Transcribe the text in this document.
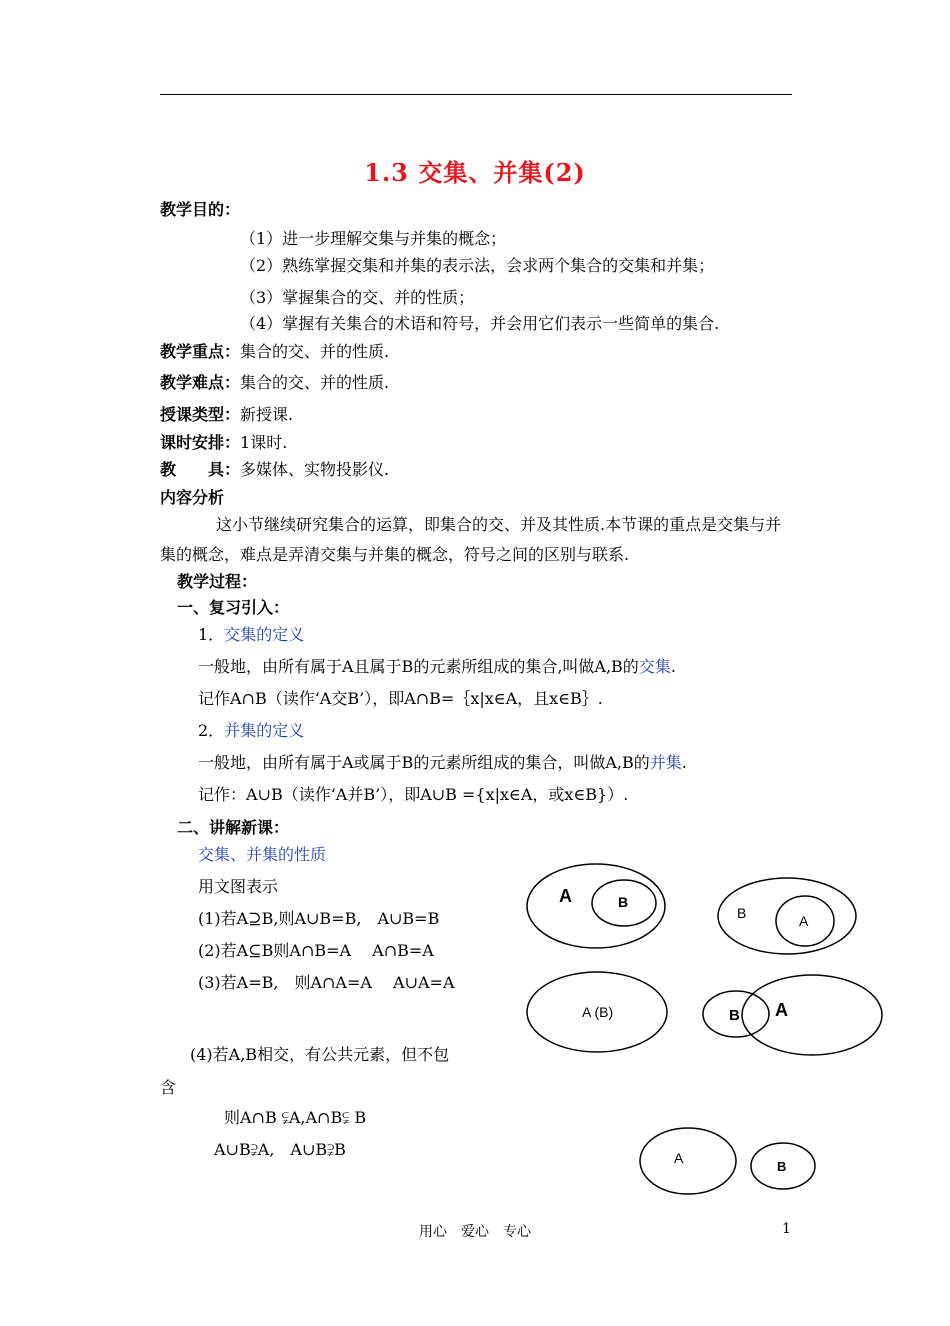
1.3 交集、并集(2)
教学目的：
（1）进一步理解交集与并集的概念；
（2）熟练掌握交集和并集的表示法，会求两个集合的交集和并集；
（3）掌握集合的交、并的性质；
（4）掌握有关集合的术语和符号，并会用它们表示一些简单的集合.
教学重点：集合的交、并的性质.
教学难点：集合的交、并的性质.
授课类型：新授课.
课时安排：1课时.
教　　具：多媒体、实物投影仪.
内容分析
这小节继续研究集合的运算，即集合的交、并及其性质.本节课的重点是交集与并集的概念，难点是弄清交集与并集的概念，符号之间的区别与联系.
教学过程：
一、复习引入：
1．交集的定义
一般地，由所有属于A且属于B的元素所组成的集合,叫做A,B的交集.
记作A∩B（读作‘A交B’），即A∩B=｛x|x∈A，且x∈B｝.
2．并集的定义
一般地，由所有属于A或属于B的元素所组成的集合，叫做A,B的并集.
记作：A∪B（读作‘A并B’），即A∪B ={x|x∈A，或x∈B}）.
二、讲解新课：
交集、并集的性质
用文图表示
(1)若A⊇B,则A∪B=B,　A∪B=B
(2)若A⊆B则A∩B=A　 A∩B=A
(3)若A=B,　则A∩A=A　 A∪A=A
(4)若A,B相交，有公共元素，但不包
含
则A∩B ⫋A,A∩B⫋ B
A∪B⫌A,　A∪B⫌B
A	B
B	A
A (B)	B A
A
B
用心　爱心　专心	1
